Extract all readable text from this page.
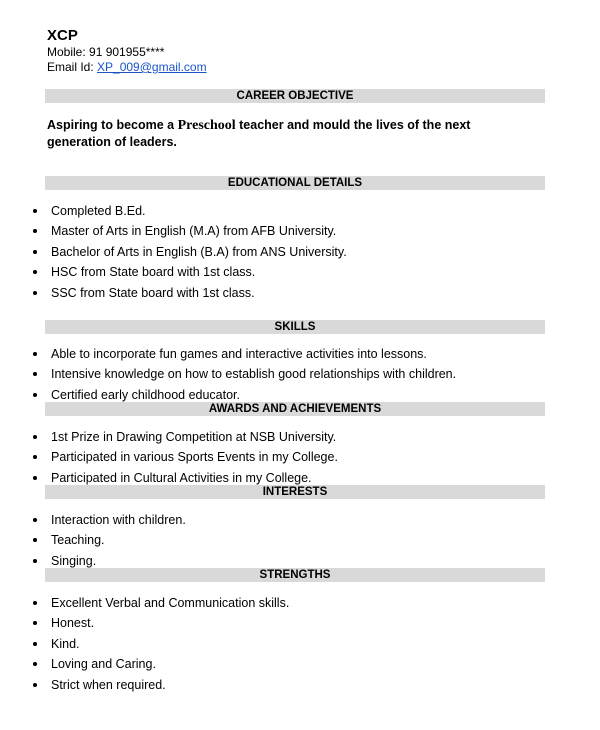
XCP
Mobile: 91 901955****
Email Id: XP_009@gmail.com
CAREER OBJECTIVE
Aspiring to become a Preschool teacher and mould the lives of the next generation of leaders.
EDUCATIONAL DETAILS
Completed B.Ed.
Master of Arts in English (M.A) from AFB University.
Bachelor of Arts in English (B.A) from ANS University.
HSC from State board with 1st class.
SSC from State board with 1st class.
SKILLS
Able to incorporate fun games and interactive activities into lessons.
Intensive knowledge on how to establish good relationships with children.
Certified early childhood educator.
AWARDS AND ACHIEVEMENTS
1st Prize in Drawing Competition at NSB University.
Participated in various Sports Events in my College.
Participated in Cultural Activities in my College.
INTERESTS
Interaction with children.
Teaching.
Singing.
STRENGTHS
Excellent Verbal and Communication skills.
Honest.
Kind.
Loving and Caring.
Strict when required.
